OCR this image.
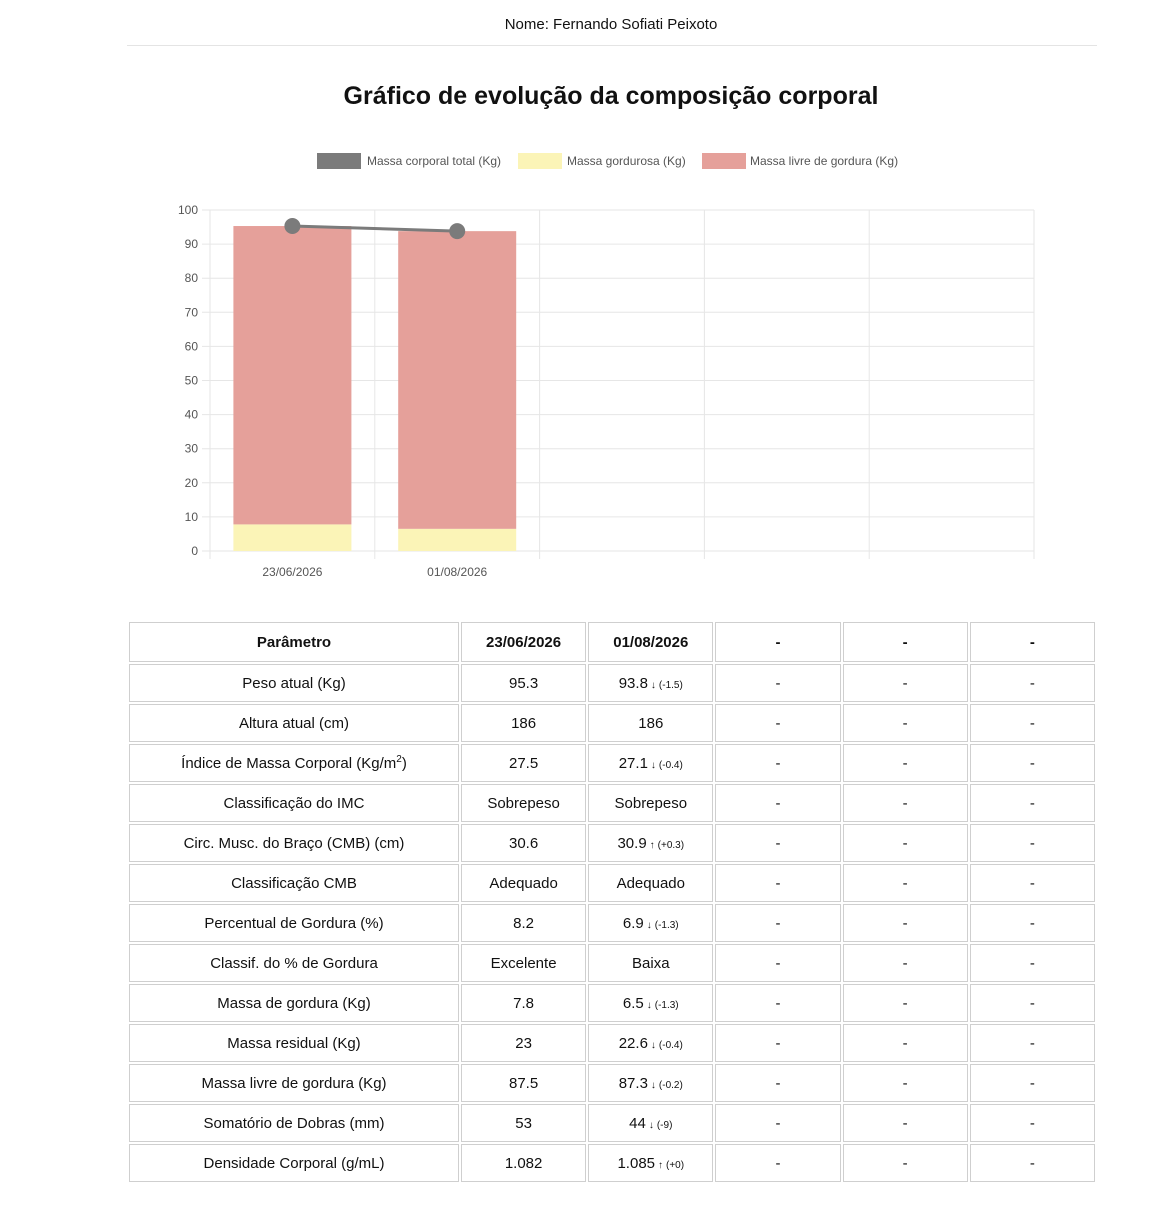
Nome: Fernando Sofiati Peixoto
Gráfico de evolução da composição corporal
Massa corporal total (Kg)	Massa gordurosa (Kg)	Massa livre de gordura (Kg)
0
10
20
30
40
50
60
70
80
90
100
23/06/2026	01/08/2026
Parâmetro	23/06/2026	01/08/2026	-	-	-
Peso atual (Kg)	95.3	93.8 ↓ (-1.5)	-	-	-
Altura atual (cm)	186	186	-	-	-
Índice de Massa Corporal $(Kg/m^2)$	27.5	27.1 ↓ (-0.4)	-	-	-
Classificação do IMC	Sobrepeso	Sobrepeso	-	-	-
Circ. Musc. do Braço (CMB) (cm)	30.6	30.9 ↑ (+0.3)	-	-	-
Classificação CMB	Adequado	Adequado	-	-	-
Percentual de Gordura (%)	8.2	6.9 ↓ (-1.3)	-	-	-
Classif. do % de Gordura	Excelente	Baixa	-	-	-
Massa de gordura (Kg)	7.8	6.5 ↓ (-1.3)	-	-	-
Massa residual (Kg)	23	22.6 ↓ (-0.4)	-	-	-
Massa livre de gordura (Kg)	87.5	87.3 ↓ (-0.2)	-	-	-
Somatório de Dobras (mm)	53	44 ↓ (-9)	-	-	-
Densidade Corporal (g/mL)	1.082	1.085 ↑ (+0)	-	-	-
